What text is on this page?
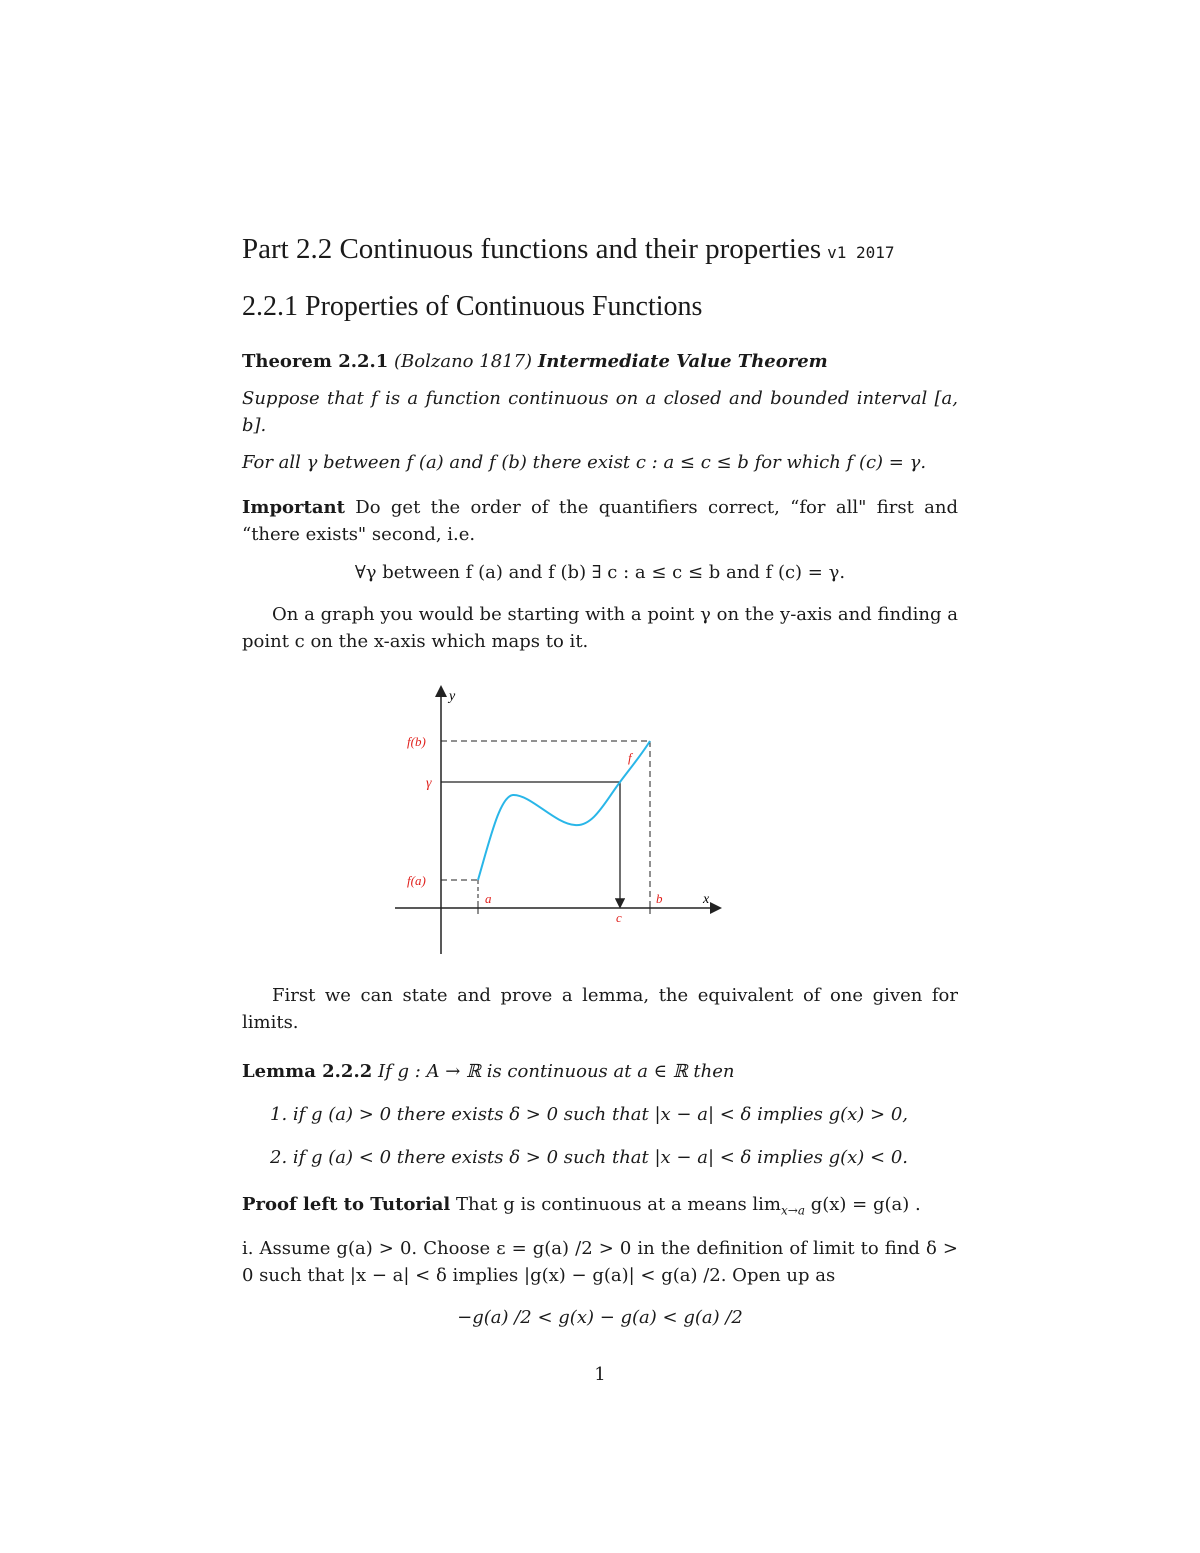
Part 2.2 Continuous functions and their properties v1 2017
2.2.1 Properties of Continuous Functions
Theorem 2.2.1 (Bolzano 1817) Intermediate Value Theorem
Suppose that f is a function continuous on a closed and bounded interval [a, b].
For all γ between f (a) and f (b) there exist c : a ≤ c ≤ b for which f (c) = γ.
Important Do get the order of the quantifiers correct, “for all" first and “there exists" second, i.e.
∀γ between f (a) and f (b) ∃ c : a ≤ c ≤ b and f (c) = γ.
On a graph you would be starting with a point γ on the y-axis and finding a point c on the x-axis which maps to it.
y
x
f(b)
γ
f(a)
a	b
c
f
First we can state and prove a lemma, the equivalent of one given for limits.
Lemma 2.2.2 If g : A → ℝ is continuous at a ∈ ℝ then
1. if g (a) > 0 there exists δ > 0 such that |x − a| < δ implies g(x) > 0,
2. if g (a) < 0 there exists δ > 0 such that |x − a| < δ implies g(x) < 0.
Proof left to Tutorial That g is continuous at a means $\lim_{x\to a} g(x) = g(a)$ .
i. Assume g(a) > 0. Choose ε = g(a) /2 > 0 in the definition of limit to find δ > 0 such that |x − a| < δ implies |g(x) − g(a)| < g(a) /2. Open up as
−g(a) /2 < g(x) − g(a) < g(a) /2
1
